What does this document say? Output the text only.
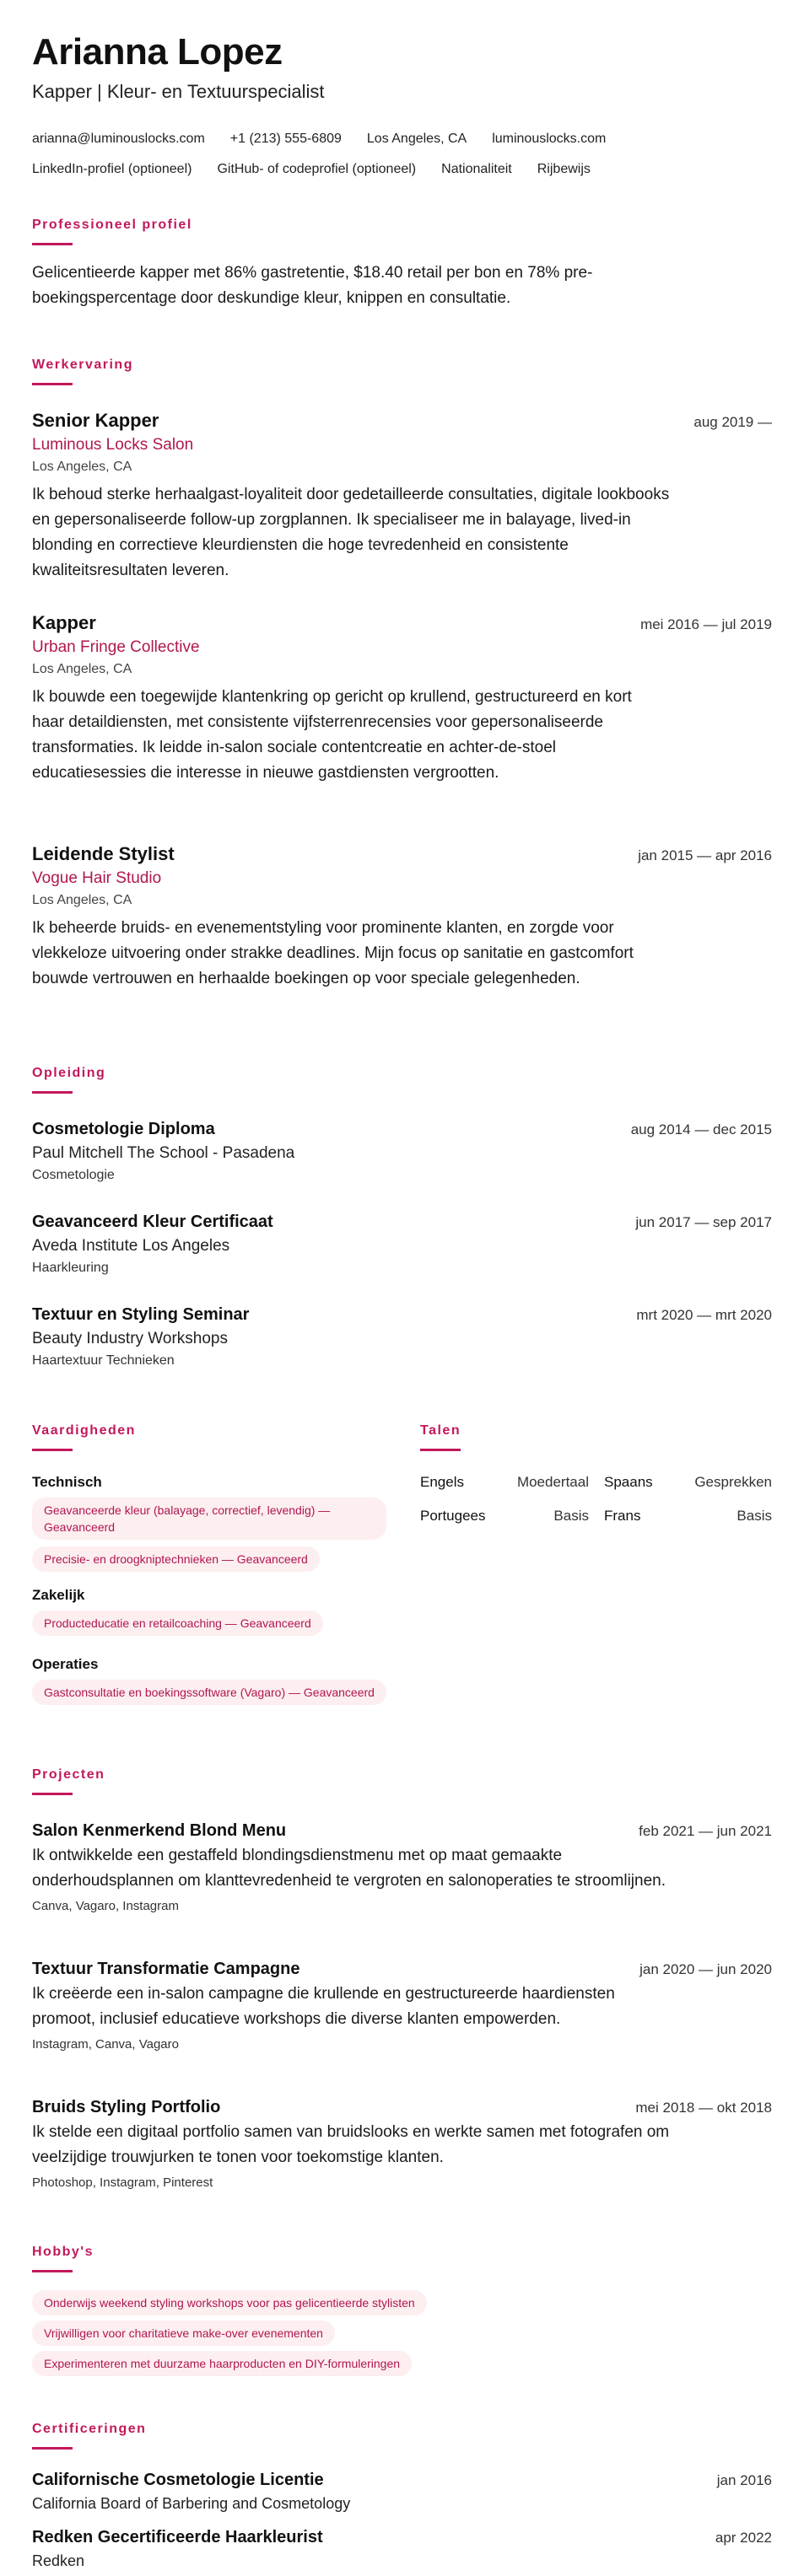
Arianna Lopez
Kapper | Kleur- en Textuurspecialist
arianna@luminouslocks.com +1 (213) 555-6809 Los Angeles, CA luminouslocks.com
LinkedIn-profiel (optioneel) GitHub- of codeprofiel (optioneel) Nationaliteit Rijbewijs
Professioneel profiel
Gelicentieerde kapper met 86% gastretentie, $18.40 retail per bon en 78% pre-boekingspercentage door deskundige kleur, knippen en consultatie.
Werkervaring
Senior Kapper	aug 2019 —
Luminous Locks Salon
Los Angeles, CA
Ik behoud sterke herhaalgast-loyaliteit door gedetailleerde consultaties, digitale lookbooks en gepersonaliseerde follow-up zorgplannen. Ik specialiseer me in balayage, lived-in blonding en correctieve kleurdiensten die hoge tevredenheid en consistente kwaliteitsresultaten leveren.
Kapper	mei 2016 — jul 2019
Urban Fringe Collective
Los Angeles, CA
Ik bouwde een toegewijde klantenkring op gericht op krullend, gestructureerd en kort haar detaildiensten, met consistente vijfsterrenrecensies voor gepersonaliseerde transformaties. Ik leidde in-salon sociale contentcreatie en achter-de-stoel educatiesessies die interesse in nieuwe gastdiensten vergrootten.
Leidende Stylist	jan 2015 — apr 2016
Vogue Hair Studio
Los Angeles, CA
Ik beheerde bruids- en evenementstyling voor prominente klanten, en zorgde voor vlekkeloze uitvoering onder strakke deadlines. Mijn focus op sanitatie en gastcomfort bouwde vertrouwen en herhaalde boekingen op voor speciale gelegenheden.
Opleiding
Cosmetologie Diploma	aug 2014 — dec 2015
Paul Mitchell The School - Pasadena
Cosmetologie
Geavanceerd Kleur Certificaat	jun 2017 — sep 2017
Aveda Institute Los Angeles
Haarkleuring
Textuur en Styling Seminar	mrt 2020 — mrt 2020
Beauty Industry Workshops
Haartextuur Technieken
Vaardigheden
Technisch
Geavanceerde kleur (balayage, correctief, levendig) — Geavanceerd
Precisie- en droogkniptechnieken — Geavanceerd
Zakelijk
Producteducatie en retailcoaching — Geavanceerd
Operaties
Gastconsultatie en boekingssoftware (Vagaro) — Geavanceerd
Talen
Engels	Moedertaal Spaans	Gesprekken
Portugees	Basis Frans	Basis
Projecten
Salon Kenmerkend Blond Menu	feb 2021 — jun 2021
Ik ontwikkelde een gestaffeld blondingsdienstmenu met op maat gemaakte onderhoudsplannen om klanttevredenheid te vergroten en salonoperaties te stroomlijnen.
Canva, Vagaro, Instagram
Textuur Transformatie Campagne	jan 2020 — jun 2020
Ik creëerde een in-salon campagne die krullende en gestructureerde haardiensten promoot, inclusief educatieve workshops die diverse klanten empowerden.
Instagram, Canva, Vagaro
Bruids Styling Portfolio	mei 2018 — okt 2018
Ik stelde een digitaal portfolio samen van bruidslooks en werkte samen met fotografen om veelzijdige trouwjurken te tonen voor toekomstige klanten.
Photoshop, Instagram, Pinterest
Hobby's
Onderwijs weekend styling workshops voor pas gelicentieerde stylisten
Vrijwilligen voor charitatieve make-over evenementen
Experimenteren met duurzame haarproducten en DIY-formuleringen
Certificeringen
Californische Cosmetologie Licentie	jan 2016
California Board of Barbering and Cosmetology
Redken Gecertificeerde Haarkleurist	apr 2022
Redken
